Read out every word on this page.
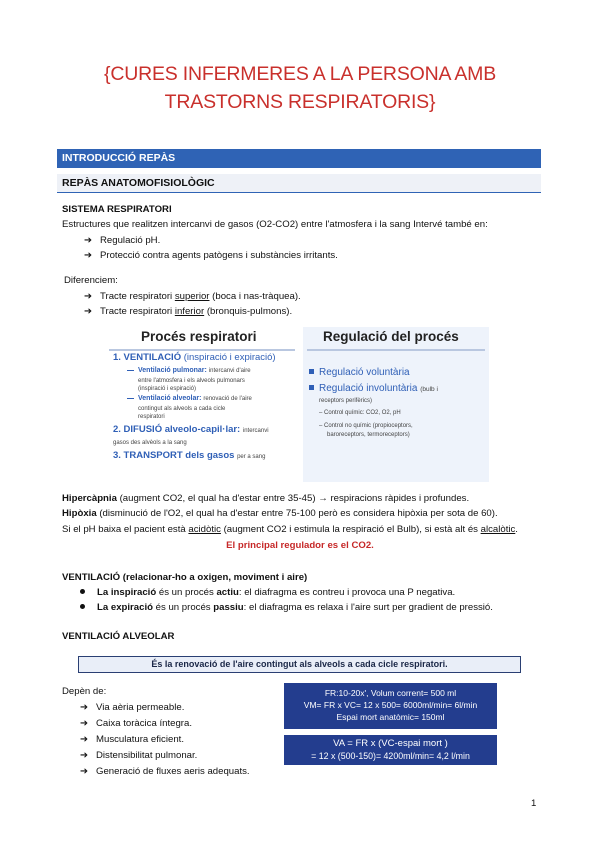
{CURES INFERMERES A LA PERSONA AMB
TRASTORNS RESPIRATORIS}
INTRODUCCIÓ REPÀS
REPÀS ANATOMOFISIOLÒGIC
SISTEMA RESPIRATORI
Estructures que realitzen intercanvi de gasos (O2-CO2) entre l'atmosfera i la sang Intervé també en:
➔ Regulació pH.
➔ Protecció contra agents patògens i substàncies irritants.
Diferenciem:
➔ Tracte respiratori superior (boca i nas-tràquea).
➔ Tracte respiratori inferior (bronquis-pulmons).
Procés respiratori
1. VENTILACIÓ (inspiració i expiració)
Ventilació pulmonar: intercanvi d'aire
entre l'atmosfera i els alveols pulmonars
(inspiració i espiració)
Ventilació alveolar: renovació de l'aire
contingut als alveols a cada cicle
respiratori
2. DIFUSIÓ alveolo-capil·lar: intercanvi
gasos des alvèols a la sang
3. TRANSPORT dels gasos per a sang
Regulació del procés
Regulació voluntària
Regulació involuntària (bulb i
receptors perifèrics)
– Control químic: CO2, O2, pH
– Control no químic (propioceptors,
baroreceptors, termoreceptors)
Hipercàpnia (augment CO2, el qual ha d'estar entre 35-45) → respiracions ràpides i profundes.
Hipòxia (disminució de l'O2, el qual ha d'estar entre 75-100 però es considera hipòxia per sota de 60).
Si el pH baixa el pacient està acidòtic (augment CO2 i estimula la respiració el Bulb), si està alt és alcalòtic.
El principal regulador es el CO2.
VENTILACIÓ (relacionar-ho a oxigen, moviment i aire)
La inspiració és un procés actiu: el diafragma es contreu i provoca una P negativa.
La expiració és un procés passiu: el diafragma es relaxa i l'aire surt per gradient de pressió.
VENTILACIÓ ALVEOLAR
És la renovació de l'aire contingut als alveols a cada cicle respiratori.
Depèn de:
➔ Via aèria permeable.
➔ Caixa toràcica íntegra.
➔ Musculatura eficient.
➔ Distensibilitat pulmonar.
➔ Generació de fluxes aeris adequats.
FR:10-20x', Volum corrent= 500 ml
VM= FR x VC= 12 x 500= 6000ml/min= 6l/min
Espai mort anatòmic= 150ml
VA = FR x (VC-espai mort )
= 12 x (500-150)= 4200ml/min= 4,2 l/min
1
